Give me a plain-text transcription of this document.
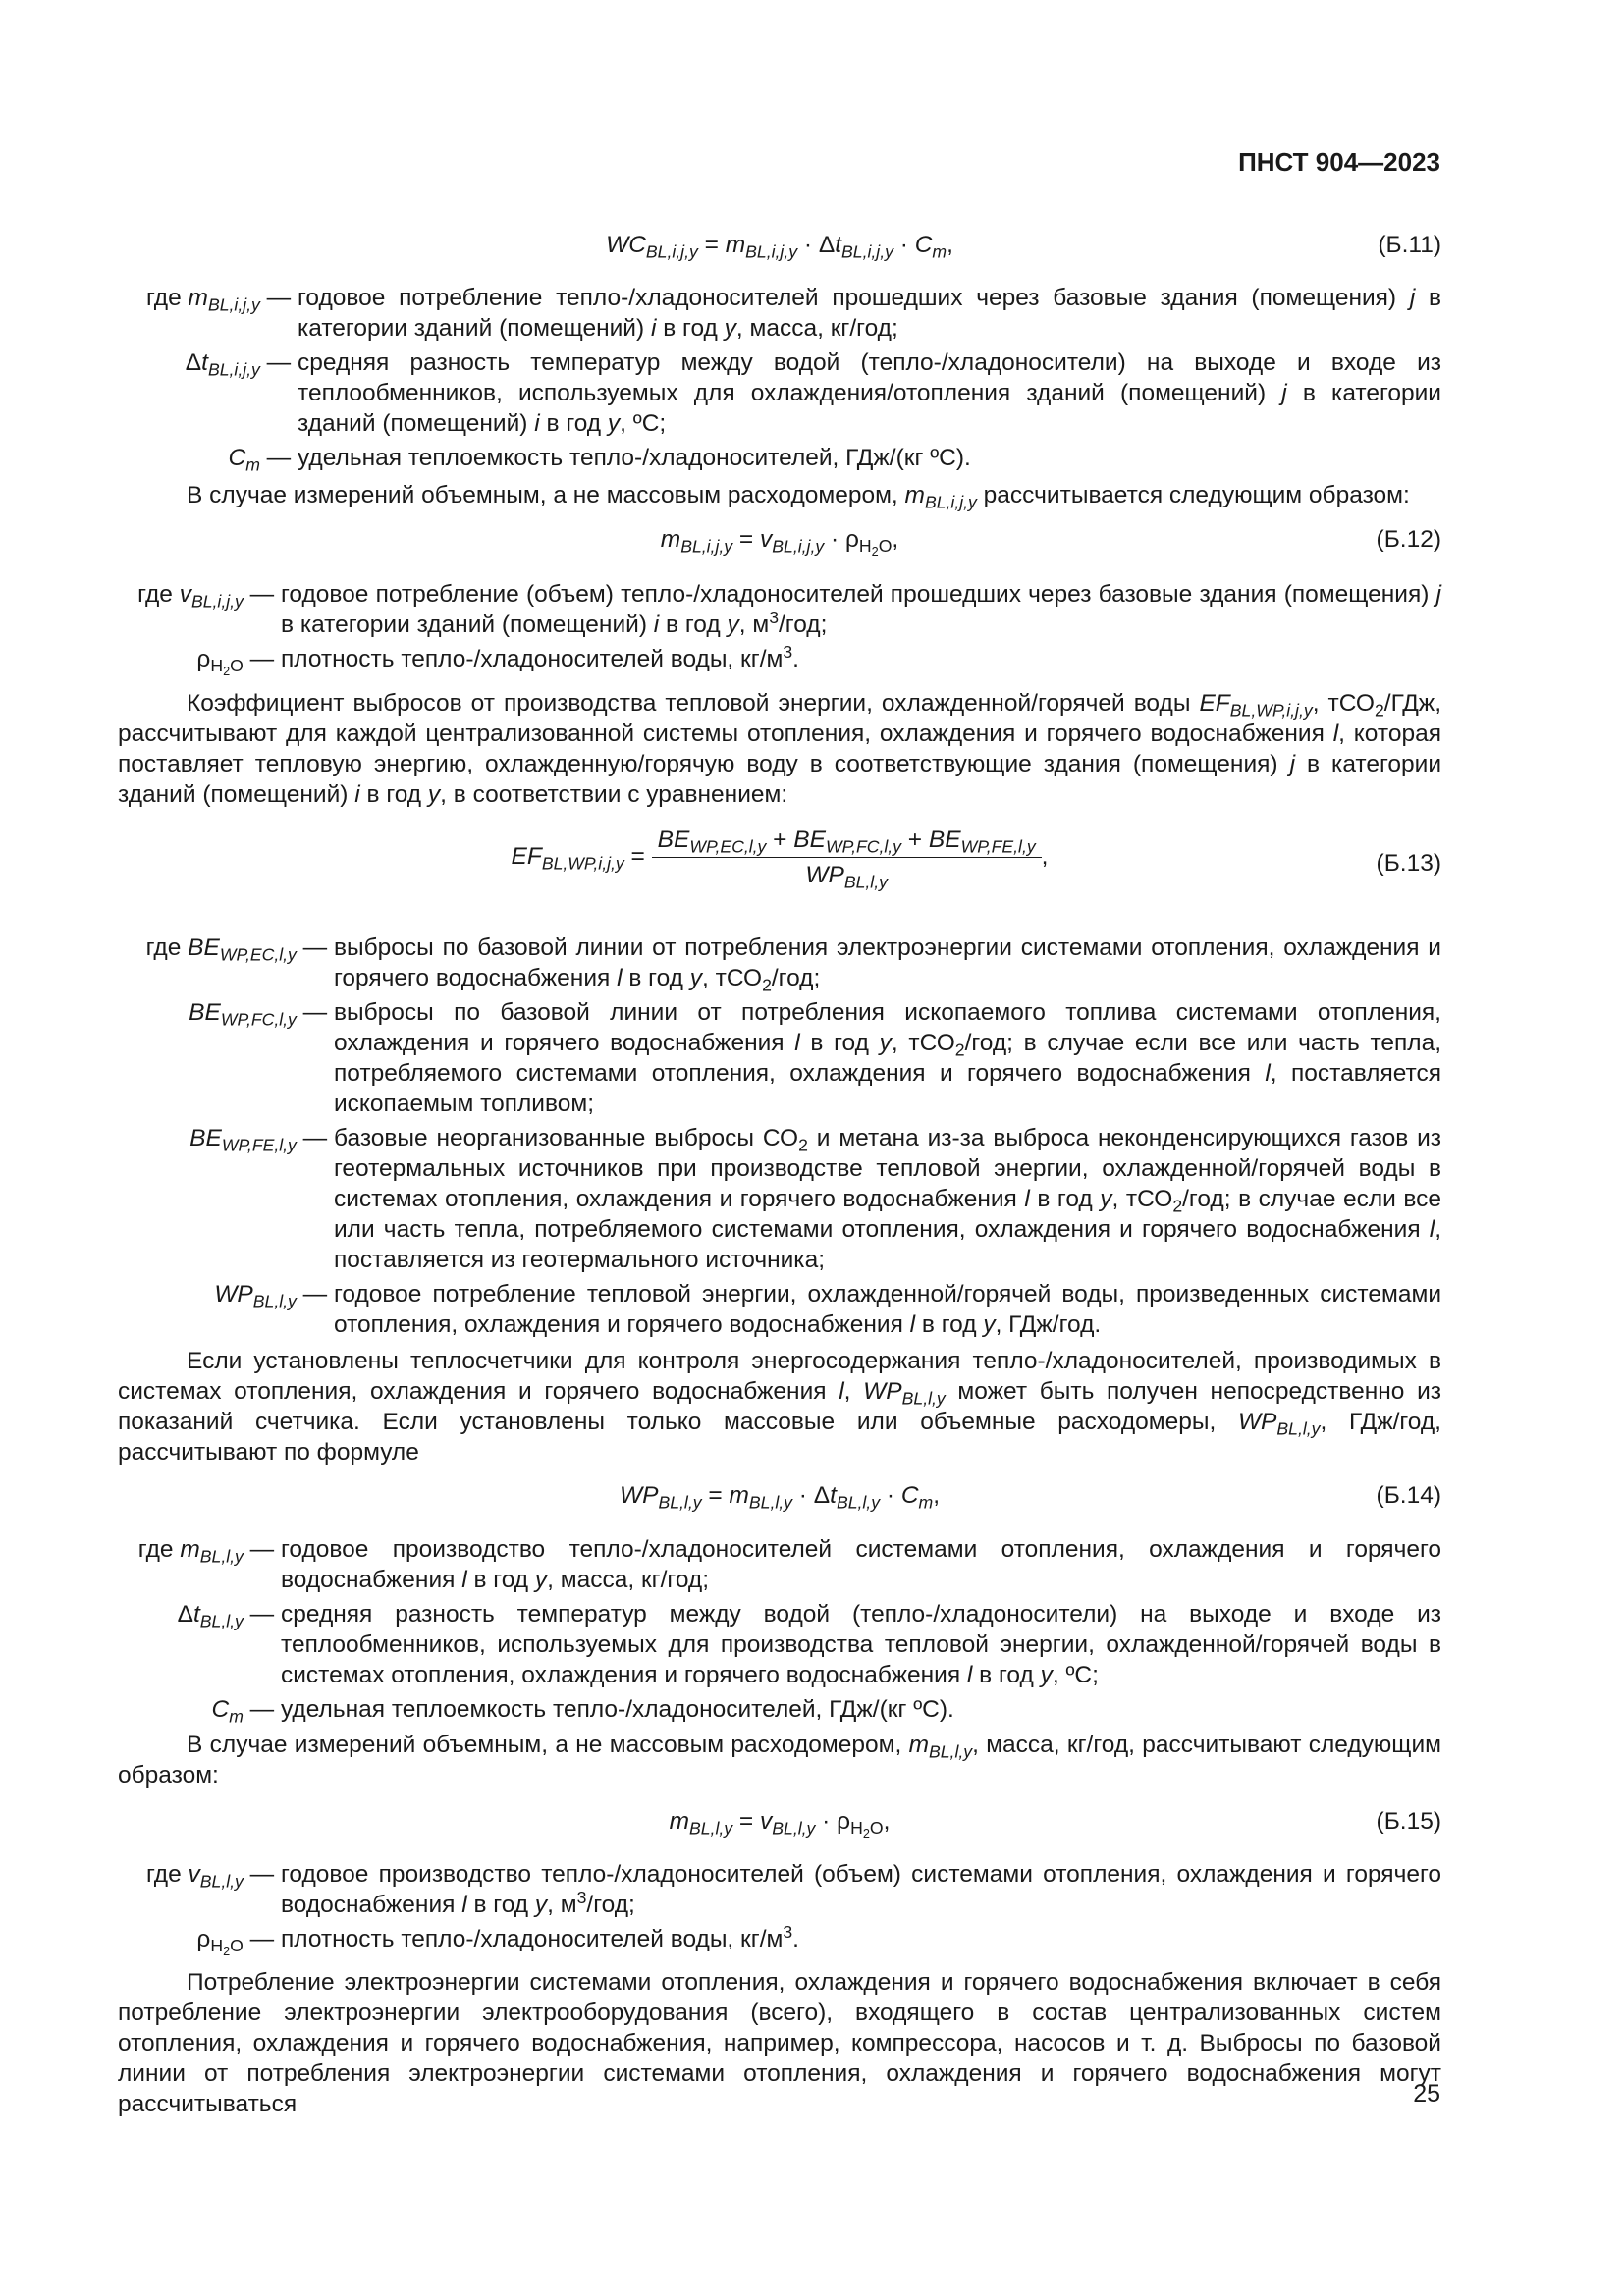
ПНСТ 904—2023
$WC_{BL,i,j,y} = m_{BL,i,j,y} \cdot \Delta t_{BL,i,j,y} \cdot C_m$,	(Б.11)
где $m_{BL,i,j,y}$ — годовое потребление тепло-/хладоносителей прошедших через базовые здания (помещения) j в категории зданий (помещений) i в год y, масса, кг/год;
$\Delta t_{BL,i,j,y}$ — средняя разность температур между водой (тепло-/хладоносители) на выходе и входе из теплообменников, используемых для охлаждения/отопления зданий (помещений) j в категории зданий (помещений) i в год y, ºС;
$C_m$ — удельная теплоемкость тепло-/хладоносителей, ГДж/(кг ºС).
В случае измерений объемным, а не массовым расходомером, $m_{BL,i,j,y}$ рассчитывается следующим образом:
$m_{BL,i,j,y} = v_{BL,i,j,y} \cdot \rho_{H_2O}$,	(Б.12)
где $v_{BL,i,j,y}$ — годовое потребление (объем) тепло-/хладоносителей прошедших через базовые здания (помещения) j в категории зданий (помещений) i в год y, $м^3$/год;
$\rho_{H_2O}$ — плотность тепло-/хладоносителей воды, $кг/м^3$.
Коэффициент выбросов от производства тепловой энергии, охлажденной/горячей воды $EF_{BL,WP,i,j,y}$, тСО$_2$/ГДж, рассчитывают для каждой централизованной системы отопления, охлаждения и горячего водоснабжения l, которая поставляет тепловую энергию, охлажденную/горячую воду в соответствующие здания (помещения) j в категории зданий (помещений) i в год y, в соответствии с уравнением:
$EF_{BL,WP,i,j,y} = \frac{BE_{WP,EC,l,y} + BE_{WP,FC,l,y} + BE_{WP,FE,l,y}}{WP_{BL,l,y}}$ ,	(Б.13)
где $BE_{WP,EC,l,y}$ — выбросы по базовой линии от потребления электроэнергии системами отопления, охлаждения и горячего водоснабжения l в год y, тСО$_2$/год;
$BE_{WP,FC,l,y}$ — выбросы по базовой линии от потребления ископаемого топлива системами отопления, охлаждения и горячего водоснабжения l в год y, тСО$_2$/год; в случае если все или часть тепла, потребляемого системами отопления, охлаждения и горячего водоснабжения l, поставляется ископаемым топливом;
$BE_{WP,FE,l,y}$ — базовые неорганизованные выбросы $СО_2$ и метана из-за выброса неконденсирующихся газов из геотермальных источников при производстве тепловой энергии, охлажденной/горячей воды в системах отопления, охлаждения и горячего водоснабжения l в год y, тСО$_2$/год; в случае если все или часть тепла, потребляемого системами отопления, охлаждения и горячего водоснабжения l, поставляется из геотермального источника;
$WP_{BL,l,y}$ — годовое потребление тепловой энергии, охлажденной/горячей воды, произведенных системами отопления, охлаждения и горячего водоснабжения l в год y, ГДж/год.
Если установлены теплосчетчики для контроля энергосодержания тепло-/хладоносителей, производимых в системах отопления, охлаждения и горячего водоснабжения l, $WP_{BL,l,y}$ может быть получен непосредственно из показаний счетчика. Если установлены только массовые или объемные расходомеры, $WP_{BL,l,y}$, ГДж/год, рассчитывают по формуле
$WP_{BL,l,y} = m_{BL,l,y} \cdot \Delta t_{BL,l,y} \cdot C_m$,	(Б.14)
где $m_{BL,l,y}$ — годовое производство тепло-/хладоносителей системами отопления, охлаждения и горячего водоснабжения l в год y, масса, кг/год;
$\Delta t_{BL,l,y}$ — средняя разность температур между водой (тепло-/хладоносители) на выходе и входе из теплообменников, используемых для производства тепловой энергии, охлажденной/горячей воды в системах отопления, охлаждения и горячего водоснабжения l в год y, ºС;
$C_m$ — удельная теплоемкость тепло-/хладоносителей, ГДж/(кг ºС).
В случае измерений объемным, а не массовым расходомером, $m_{BL,l,y}$, масса, кг/год, рассчитывают следующим образом:
$m_{BL,l,y} = v_{BL,l,y} \cdot \rho_{H_2O}$,	(Б.15)
где $v_{BL,l,y}$ — годовое производство тепло-/хладоносителей (объем) системами отопления, охлаждения и горячего водоснабжения l в год y, $м^3$/год;
$\rho_{H_2O}$ — плотность тепло-/хладоносителей воды, $кг/м^3$.
Потребление электроэнергии системами отопления, охлаждения и горячего водоснабжения включает в себя потребление электроэнергии электрооборудования (всего), входящего в состав централизованных систем отопления, охлаждения и горячего водоснабжения, например, компрессора, насосов и т. д. Выбросы по базовой линии от потребления электроэнергии системами отопления, охлаждения и горячего водоснабжения могут рассчитываться	25
